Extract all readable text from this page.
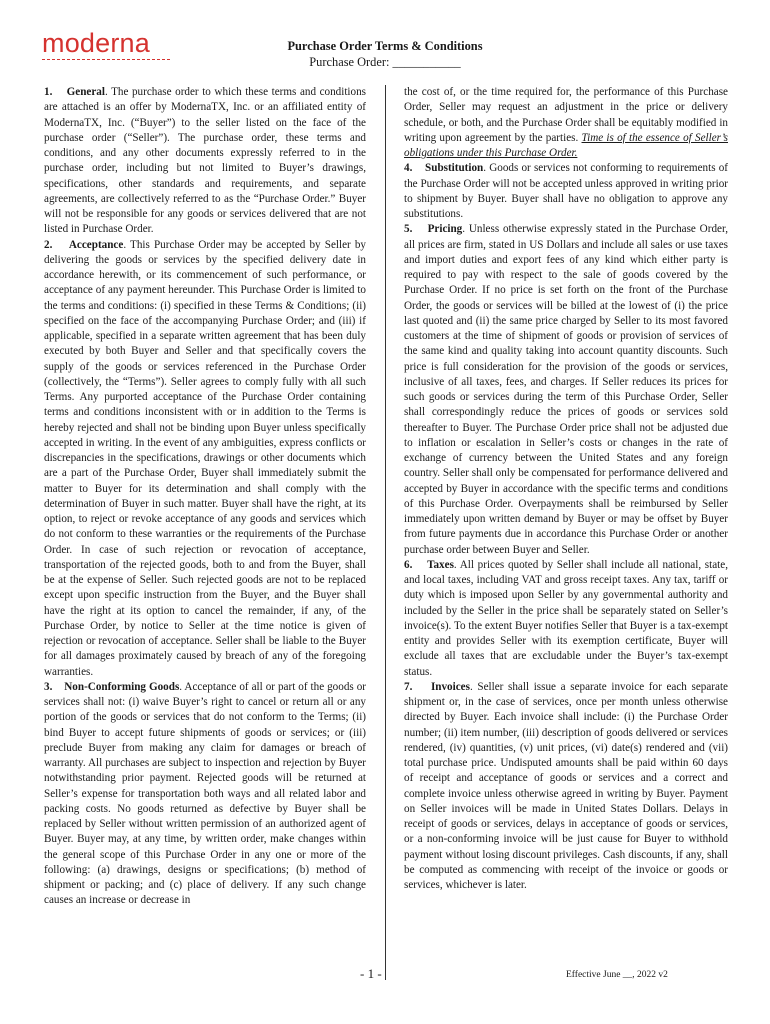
moderna	Purchase Order Terms & Conditions
Purchase Order: ___________

1. General. The purchase order to which these terms and conditions are attached is an offer by ModernaTX, Inc. or an affiliated entity of ModernaTX, Inc. (“Buyer”) to the seller listed on the face of the purchase order (“Seller”). The purchase order, these terms and conditions, and any other documents expressly referred to in the purchase order, including but not limited to Buyer’s drawings, specifications, other standards and requirements, and separate agreements, are collectively referred to as the “Purchase Order.” Buyer will not be responsible for any goods or services delivered that are not listed in Purchase Order.

2. Acceptance. This Purchase Order may be accepted by Seller by delivering the goods or services by the specified delivery date in accordance herewith, or its commencement of such performance, or acceptance of any payment hereunder. This Purchase Order is limited to the terms and conditions: (i) specified in these Terms & Conditions; (ii) specified on the face of the accompanying Purchase Order; and (iii) if applicable, specified in a separate written agreement that has been duly executed by both Buyer and Seller and that specifically covers the supply of the goods or services referenced in the Purchase Order (collectively, the “Terms”). Seller agrees to comply fully with all such Terms. Any purported acceptance of the Purchase Order containing terms and conditions inconsistent with or in addition to the Terms is hereby rejected and shall not be binding upon Buyer unless specifically accepted in writing. In the event of any ambiguities, express conflicts or discrepancies in the specifications, drawings or other documents which are a part of the Purchase Order, Buyer shall immediately submit the matter to Buyer for its determination and shall comply with the determination of Buyer in such matter. Buyer shall have the right, at its option, to reject or revoke acceptance of any goods and services which do not conform to these warranties or the requirements of the Purchase Order. In case of such rejection or revocation of acceptance, transportation of the rejected goods, both to and from the Buyer, shall be at the expense of Seller. Such rejected goods are not to be replaced except upon specific instruction from the Buyer, and the Buyer shall have the right at its option to cancel the remainder, if any, of the Purchase Order, by notice to Seller at the time notice is given of rejection or revocation of acceptance. Seller shall be liable to the Buyer for all damages proximately caused by breach of any of the foregoing warranties.

3. Non-Conforming Goods. Acceptance of all or part of the goods or services shall not: (i) waive Buyer’s right to cancel or return all or any portion of the goods or services that do not conform to the Terms; (ii) bind Buyer to accept future shipments of goods or services; or (iii) preclude Buyer from making any claim for damages or breach of warranty. All purchases are subject to inspection and rejection by Buyer notwithstanding prior payment. Rejected goods will be returned at Seller’s expense for transportation both ways and all related labor and packing costs. No goods returned as defective by Buyer shall be replaced by Seller without written permission of an authorized agent of Buyer. Buyer may, at any time, by written order, make changes within the general scope of this Purchase Order in any one or more of the following: (a) drawings, designs or specifications; (b) method of shipment or packing; and (c) place of delivery. If any such change causes an increase or decrease in

the cost of, or the time required for, the performance of this Purchase Order, Seller may request an adjustment in the price or delivery schedule, or both, and the Purchase Order shall be equitably modified in writing upon agreement by the parties. Time is of the essence of Seller’s obligations under this Purchase Order.

4. Substitution. Goods or services not conforming to requirements of the Purchase Order will not be accepted unless approved in writing prior to shipment by Buyer. Buyer shall have no obligation to approve any substitutions.

5. Pricing. Unless otherwise expressly stated in the Purchase Order, all prices are firm, stated in US Dollars and include all sales or use taxes and import duties and export fees of any kind which either party is required to pay with respect to the sale of goods covered by the Purchase Order. If no price is set forth on the front of the Purchase Order, the goods or services will be billed at the lowest of (i) the price last quoted and (ii) the same price charged by Seller to its most favored customers at the time of shipment of goods or provision of services of the same kind and quality taking into account quantity discounts. Such price is full consideration for the provision of the goods or services, inclusive of all taxes, fees, and charges. If Seller reduces its prices for such goods or services during the term of this Purchase Order, Seller shall correspondingly reduce the prices of goods or services sold thereafter to Buyer. The Purchase Order price shall not be adjusted due to inflation or escalation in Seller’s costs or changes in the rate of exchange of currency between the United States and any foreign country. Seller shall only be compensated for performance delivered and accepted by Buyer in accordance with the specific terms and conditions of this Purchase Order. Overpayments shall be reimbursed by Seller immediately upon written demand by Buyer or may be offset by Buyer from future payments due in accordance this Purchase Order or another purchase order between Buyer and Seller.

6. Taxes. All prices quoted by Seller shall include all national, state, and local taxes, including VAT and gross receipt taxes. Any tax, tariff or duty which is imposed upon Seller by any governmental authority and included by the Seller in the price shall be separately stated on Seller’s invoice(s). To the extent Buyer notifies Seller that Buyer is a tax-exempt entity and provides Seller with its exemption certificate, Buyer will exclude all taxes that are excludable under the Buyer’s tax-exempt status.

7. Invoices. Seller shall issue a separate invoice for each separate shipment or, in the case of services, once per month unless otherwise directed by Buyer. Each invoice shall include: (i) the Purchase Order number; (ii) item number, (iii) description of goods delivered or services rendered, (iv) quantities, (v) unit prices, (vi) date(s) rendered and (vii) total purchase price. Undisputed amounts shall be paid within 60 days of receipt and acceptance of goods or services and a correct and complete invoice unless otherwise agreed in writing by Buyer. Payment on Seller invoices will be made in United States Dollars. Delays in receipt of goods or services, delays in acceptance of goods or services, or a non-conforming invoice will be just cause for Buyer to withhold payment without losing discount privileges. Cash discounts, if any, shall be computed as commencing with receipt of the invoice or goods or services, whichever is later.

- 1 -	Effective June __, 2022 v2
